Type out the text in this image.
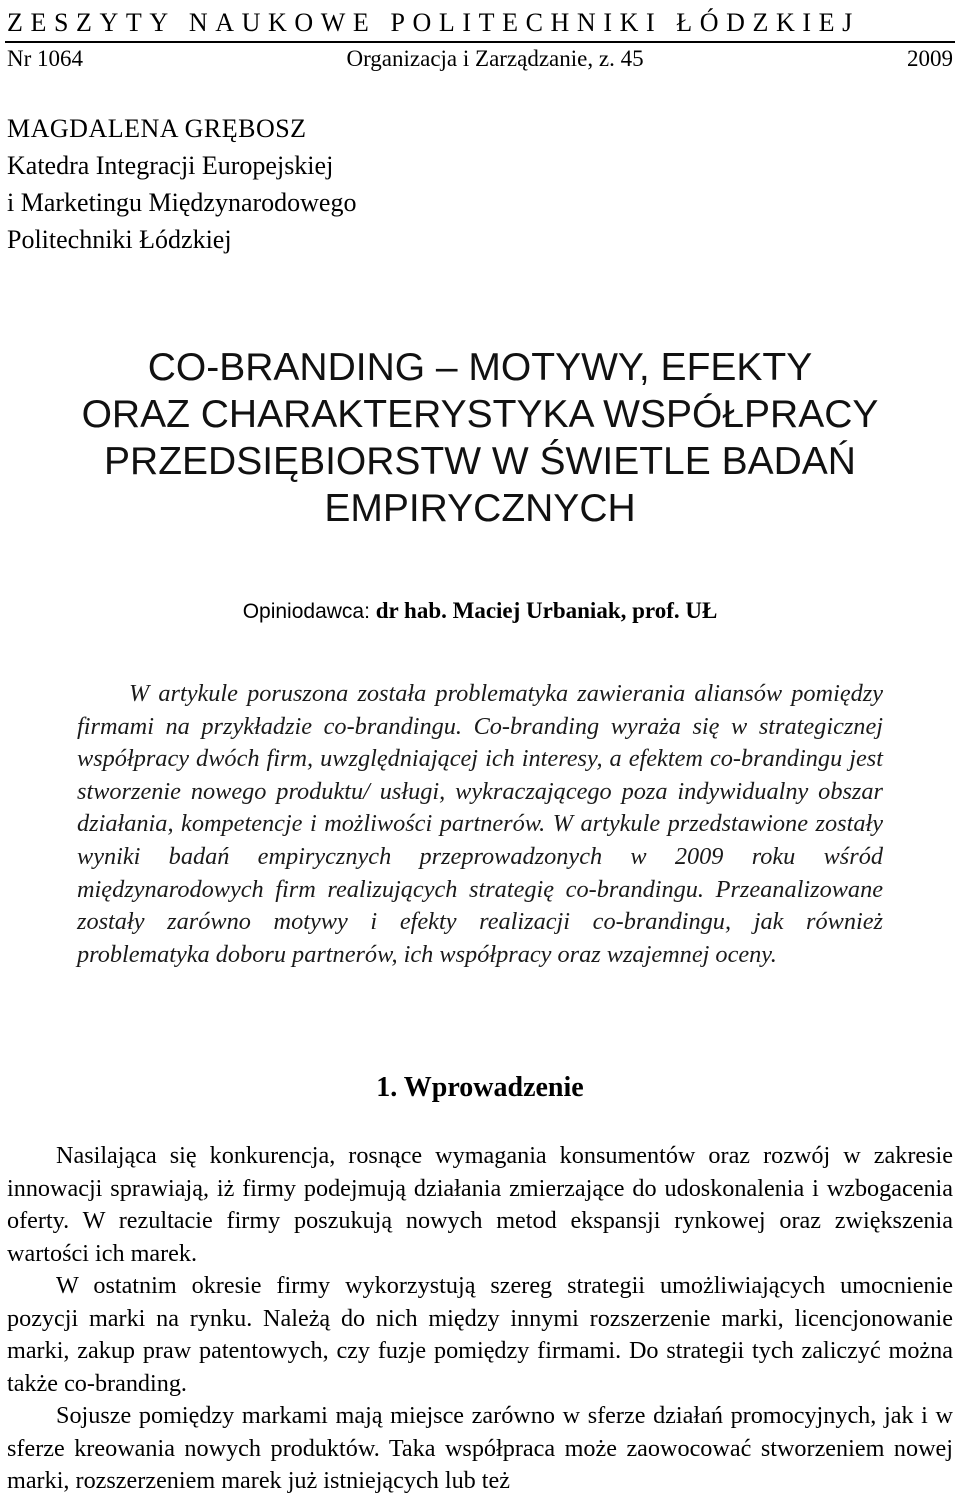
ZESZYTY NAUKOWE POLITECHNIKI ŁÓDZKIEJ
Nr 1064	Organizacja i Zarządzanie, z. 45	2009
MAGDALENA GRĘBOSZ
Katedra Integracji Europejskiej
i Marketingu Międzynarodowego
Politechniki Łódzkiej
CO-BRANDING – MOTYWY, EFEKTY
ORAZ CHARAKTERYSTYKA WSPÓŁPRACY
PRZEDSIĘBIORSTW W ŚWIETLE BADAŃ
EMPIRYCZNYCH
Opiniodawca: dr hab. Maciej Urbaniak, prof. UŁ
W artykule poruszona została problematyka zawierania aliansów pomiędzy firmami na przykładzie co-brandingu. Co-branding wyraża się w strategicznej współpracy dwóch firm, uwzględniającej ich interesy, a efektem co-brandingu jest stworzenie nowego produktu/ usługi, wykraczającego poza indywidualny obszar działania, kompetencje i możliwości partnerów. W artykule przedstawione zostały wyniki badań empirycznych przeprowadzonych w 2009 roku wśród międzynarodowych firm realizujących strategię co-brandingu. Przeanalizowane zostały zarówno motywy i efekty realizacji co-brandingu, jak również problematyka doboru partnerów, ich współpracy oraz wzajemnej oceny.
1. Wprowadzenie

Nasilająca się konkurencja, rosnące wymagania konsumentów oraz rozwój w zakresie innowacji sprawiają, iż firmy podejmują działania zmierzające do udoskonalenia i wzbogacenia oferty. W rezultacie firmy poszukują nowych metod ekspansji rynkowej oraz zwiększenia wartości ich marek.

W ostatnim okresie firmy wykorzystują szereg strategii umożliwiających umocnienie pozycji marki na rynku. Należą do nich między innymi rozszerzenie marki, licencjonowanie marki, zakup praw patentowych, czy fuzje pomiędzy firmami. Do strategii tych zaliczyć można także co-branding.

Sojusze pomiędzy markami mają miejsce zarówno w sferze działań promocyjnych, jak i w sferze kreowania nowych produktów. Taka współpraca może zaowocować stworzeniem nowej marki, rozszerzeniem marek już istniejących lub też
